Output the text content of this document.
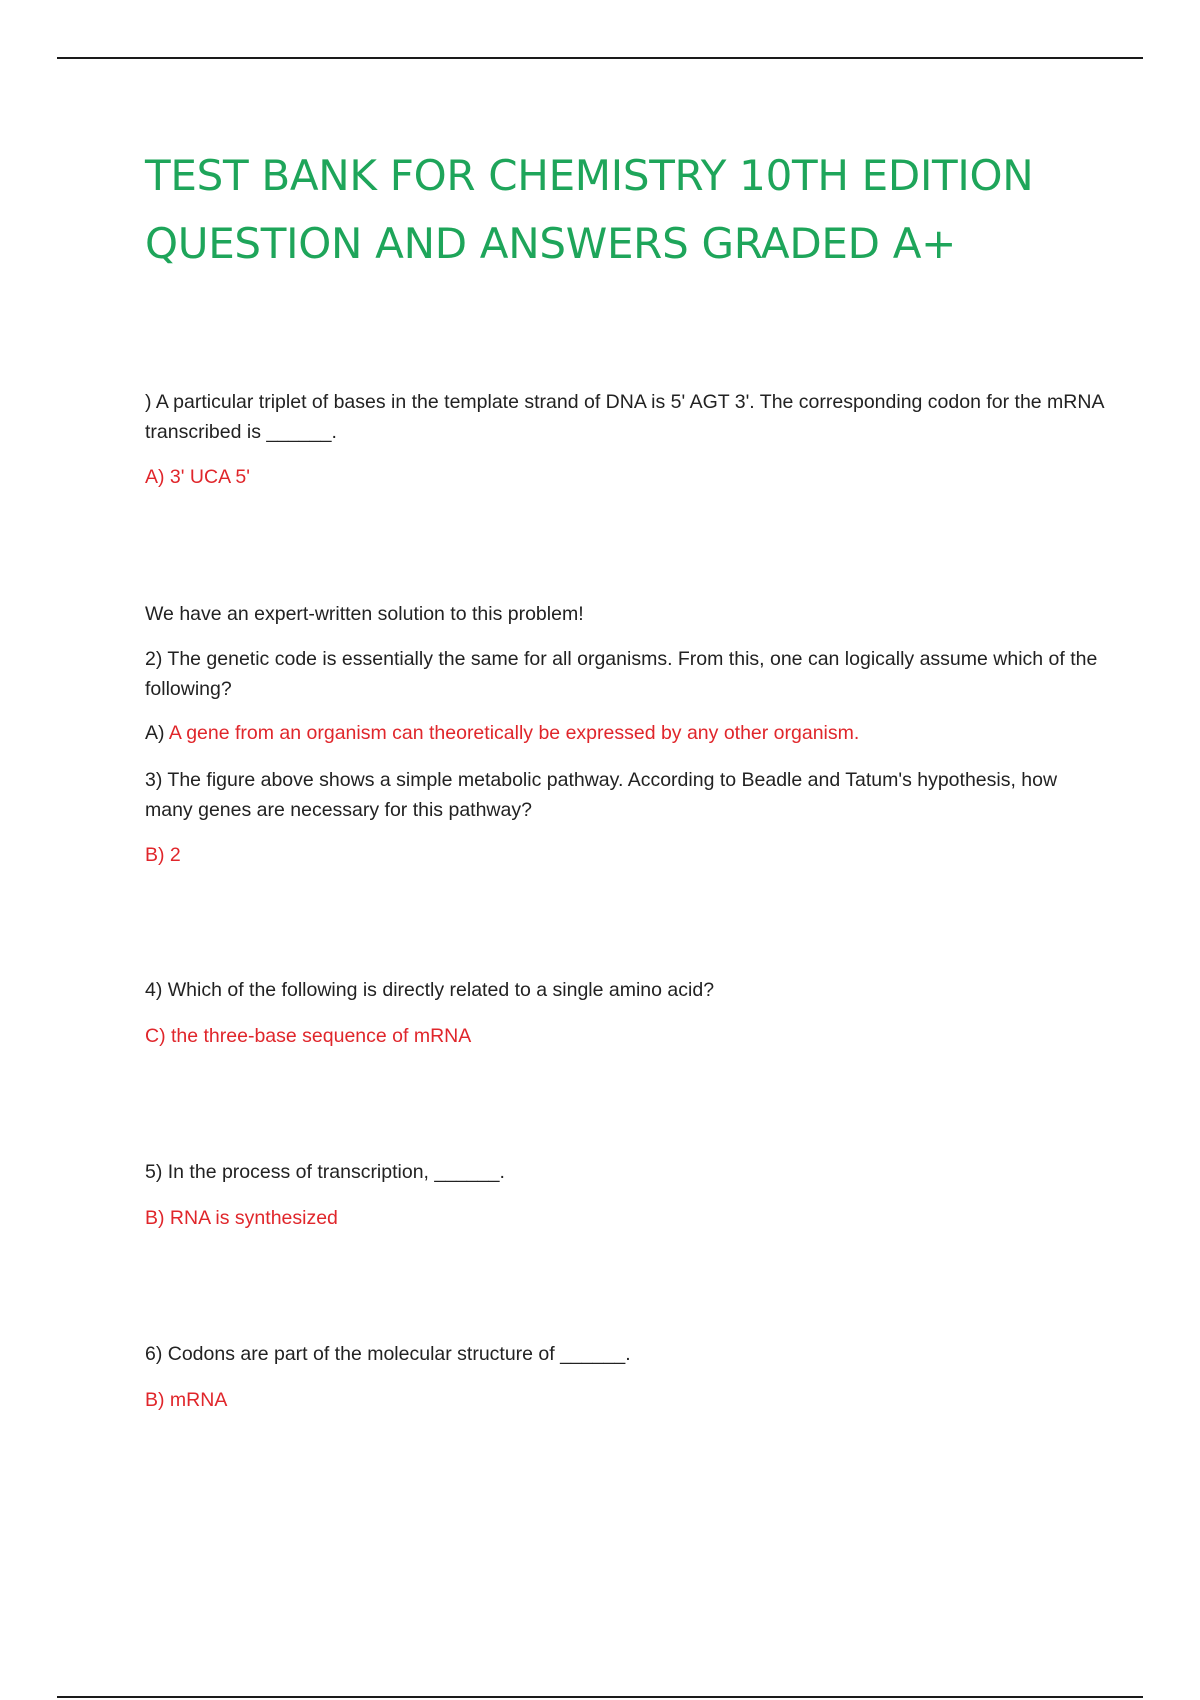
TEST BANK FOR CHEMISTRY 10TH EDITION
QUESTION AND ANSWERS GRADED A+

) A particular triplet of bases in the template strand of DNA is 5' AGT 3'. The corresponding codon for the mRNA transcribed is ______.

A) 3' UCA 5'

We have an expert-written solution to this problem!

2) The genetic code is essentially the same for all organisms. From this, one can logically assume which of the following?

A) A gene from an organism can theoretically be expressed by any other organism.

3) The figure above shows a simple metabolic pathway. According to Beadle and Tatum's hypothesis, how many genes are necessary for this pathway?

B) 2

4) Which of the following is directly related to a single amino acid?

C) the three-base sequence of mRNA

5) In the process of transcription, ______.

B) RNA is synthesized

6) Codons are part of the molecular structure of ______.

B) mRNA
